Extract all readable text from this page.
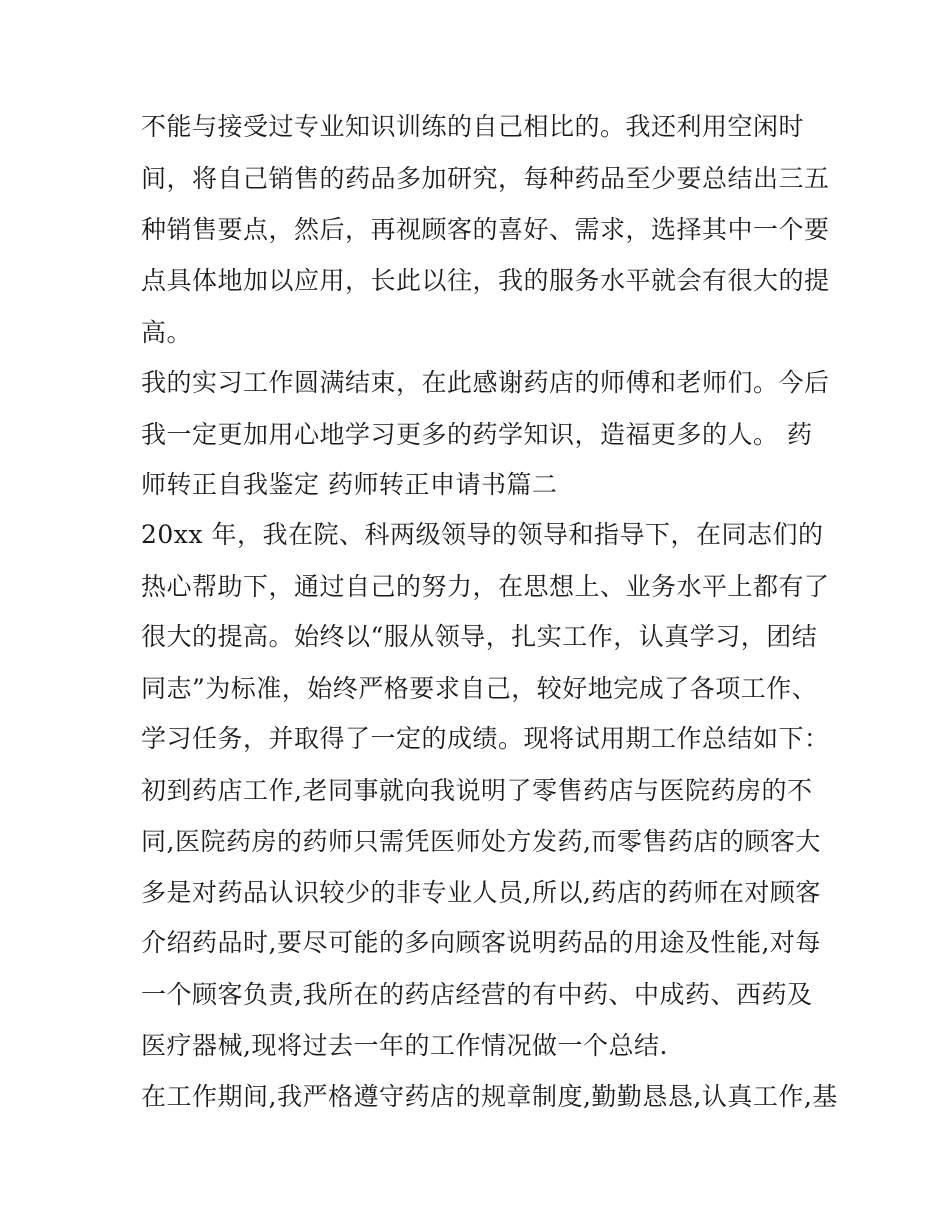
不能与接受过专业知识训练的自己相比的。我还利用空闲时
间，将自己销售的药品多加研究，每种药品至少要总结出三五
种销售要点，然后，再视顾客的喜好、需求，选择其中一个要
点具体地加以应用，长此以往，我的服务水平就会有很大的提
高。
我的实习工作圆满结束，在此感谢药店的师傅和老师们。今后
我一定更加用心地学习更多的药学知识，造福更多的人。 药
师转正自我鉴定 药师转正申请书篇二
20xx 年，我在院、科两级领导的领导和指导下，在同志们的
热心帮助下，通过自己的努力，在思想上、业务水平上都有了
很大的提高。始终以“服从领导，扎实工作，认真学习，团结
同志”为标准，始终严格要求自己，较好地完成了各项工作、
学习任务，并取得了一定的成绩。现将试用期工作总结如下：
初到药店工作,老同事就向我说明了零售药店与医院药房的不
同,医院药房的药师只需凭医师处方发药,而零售药店的顾客大
多是对药品认识较少的非专业人员,所以,药店的药师在对顾客
介绍药品时,要尽可能的多向顾客说明药品的用途及性能,对每
一个顾客负责,我所在的药店经营的有中药、中成药、西药及
医疗器械,现将过去一年的工作情况做一个总结.
在工作期间,我严格遵守药店的规章制度,勤勤恳恳,认真工作,基
